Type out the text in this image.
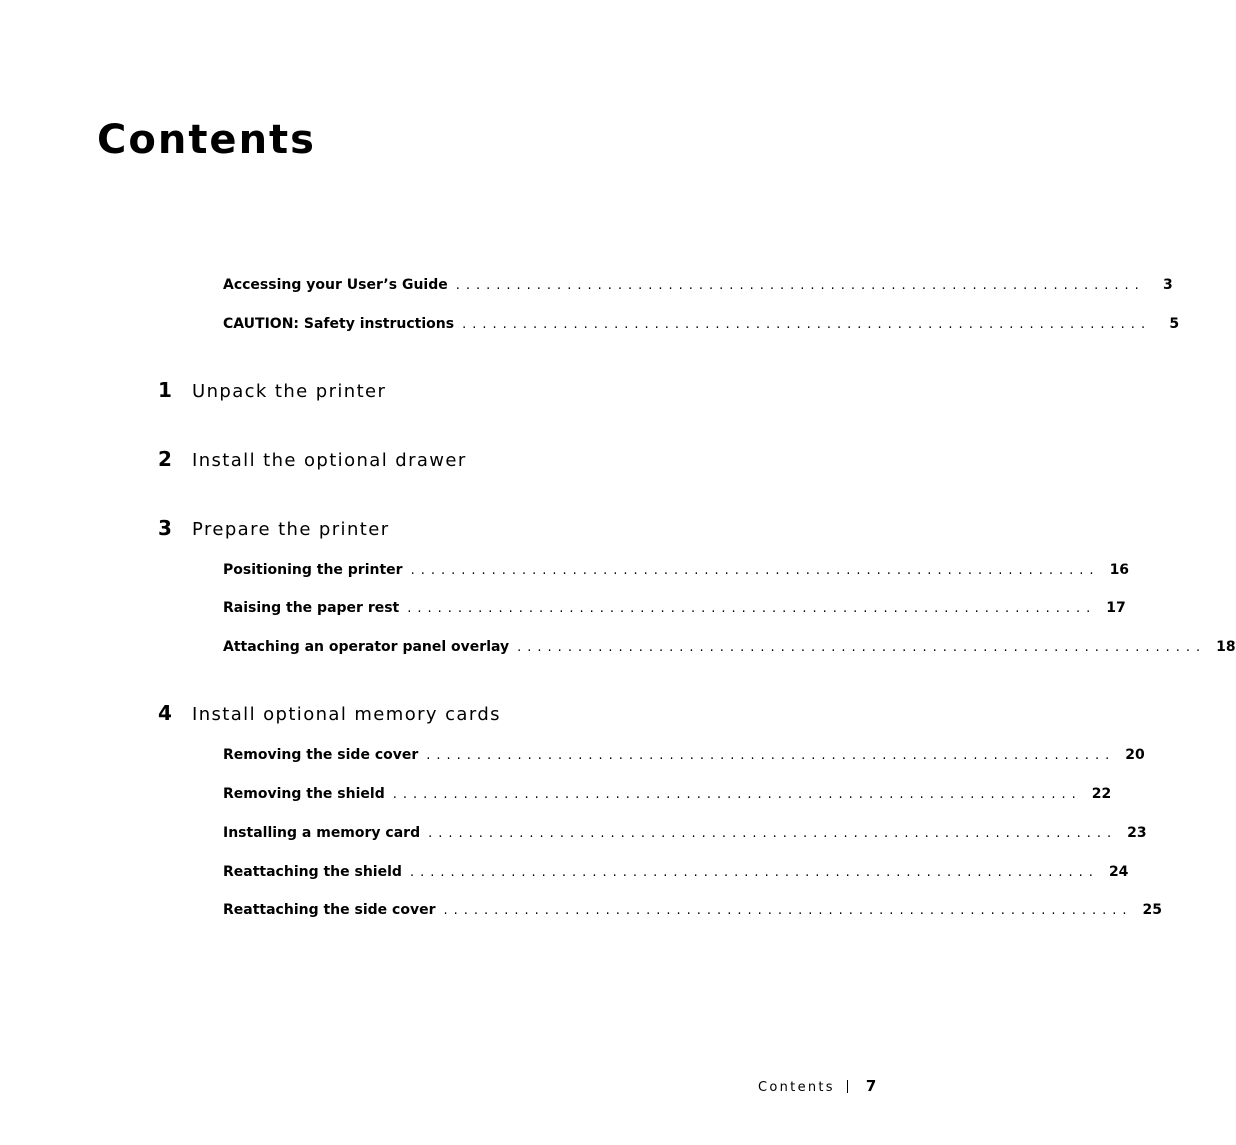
Contents
Accessing your User’s Guide ....................................................................	3
CAUTION: Safety instructions ....................................................................	5
1	Unpack the printer
2	Install the optional drawer
3	Prepare the printer
Positioning the printer .................................................................... 16
Raising the paper rest .................................................................... 17
Attaching an operator panel overlay .................................................................... 18
4	Install optional memory cards
Removing the side cover .................................................................... 20
Removing the shield .................................................................... 22
Installing a memory card .................................................................... 23
Reattaching the shield .................................................................... 24
Reattaching the side cover .................................................................... 25
Contents 7
